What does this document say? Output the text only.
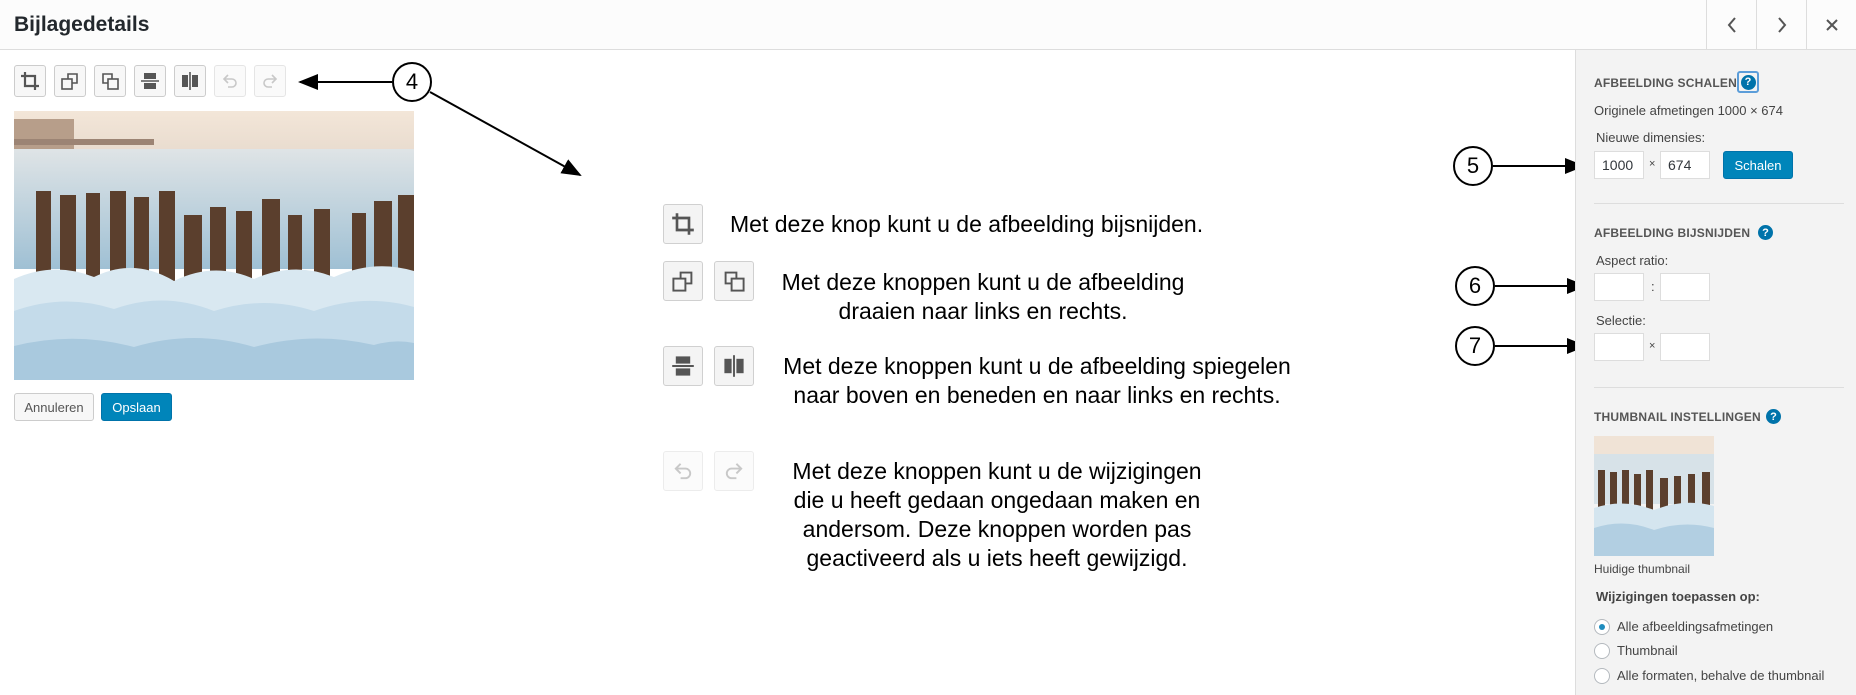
Bijlagedetails
Annuleren	Opslaan
4
5
6
7
Met deze knop kunt u de afbeelding bijsnijden.
Met deze knoppen kunt u de afbeelding
draaien naar links en rechts.
Met deze knoppen kunt u de afbeelding spiegelen
naar boven en beneden en naar links en rechts.
Met deze knoppen kunt u de wijzigingen
die u heeft gedaan ongedaan maken en
andersom. Deze knoppen worden pas
geactiveerd als u iets heeft gewijzigd.
AFBEELDING SCHALEN ?
Originele afmetingen 1000 × 674
Nieuwe dimensies:
1000	× 674	Schalen
AFBEELDING BIJSNIJDEN	?
Aspect ratio:
:
Selectie:
×
THUMBNAIL INSTELLINGEN ?
Huidige thumbnail
Wijzigingen toepassen op:
Alle afbeeldingsafmetingen
Thumbnail
Alle formaten, behalve de thumbnail
